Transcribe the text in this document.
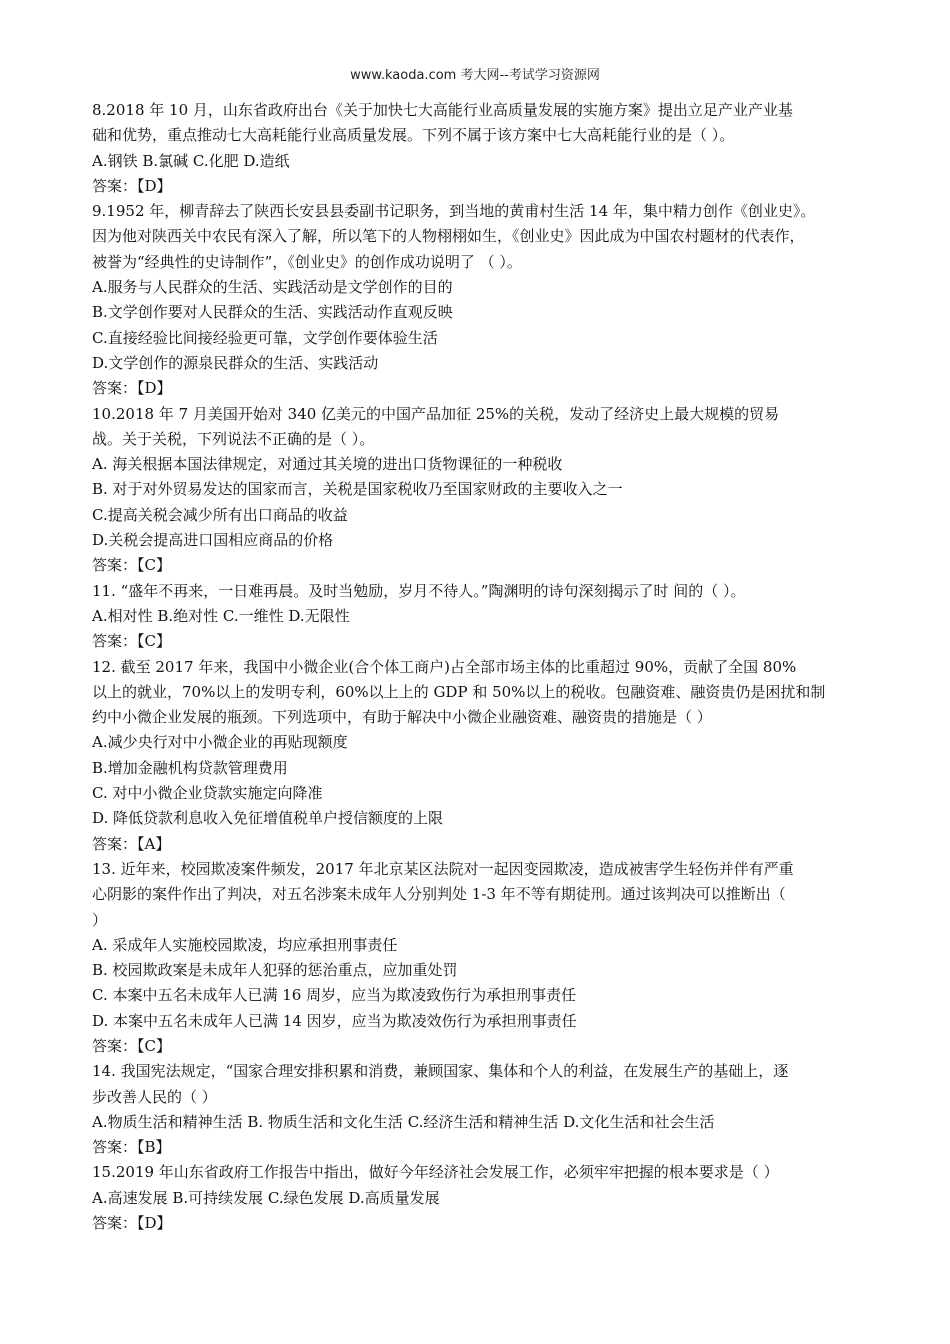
www.kaoda.com 考大网--考试学习资源网
8.2018 年 10 月，山东省政府出台《关于加快七大高能行业高质量发展的实施方案》提出立足产业产业基
础和优势，重点推动七大高耗能行业高质量发展。下列不属于该方案中七大高耗能行业的是（ ）。
A.钢铁 B.氯碱 C.化肥 D.造纸
答案：【D】
9.1952 年，柳青辞去了陕西长安县县委副书记职务，到当地的黄甫村生活 14 年，集中精力创作《创业史》。
因为他对陕西关中农民有深入了解，所以笔下的人物栩栩如生，《创业史》因此成为中国农村题材的代表作，
被誉为“经典性的史诗制作”，《创业史》的创作成功说明了 （ ）。
A.服务与人民群众的生活、实践活动是文学创作的目的
B.文学创作要对人民群众的生活、实践活动作直观反映
C.直接经验比间接经验更可靠，文学创作要体验生活
D.文学创作的源泉民群众的生活、实践活动
答案：【D】
10.2018 年 7 月美国开始对 340 亿美元的中国产品加征 25%的关税，发动了经济史上最大规模的贸易
战。关于关税，下列说法不正确的是（ ）。
A. 海关根据本国法律规定，对通过其关境的进出口货物课征的一种税收
B. 对于对外贸易发达的国家而言，关税是国家税收乃至国家财政的主要收入之一
C.提高关税会减少所有出口商品的收益
D.关税会提高进口国相应商品的价格
答案：【C】
11. “盛年不再来，一日难再晨。及时当勉励，岁月不待人。”陶渊明的诗句深刻揭示了时 间的（ ）。
A.相对性 B.绝对性 C.一维性 D.无限性
答案：【C】
12. 截至 2017 年来，我国中小微企业(合个体工商户)占全部市场主体的比重超过 90%，贡献了全国 80%
以上的就业，70%以上的发明专利，60%以上上的 GDP 和 50%以上的税收。包融资难、融资贵仍是困扰和制
约中小微企业发展的瓶颈。下列选项中，有助于解决中小微企业融资难、融资贵的措施是（ ）
A.减少央行对中小微企业的再贴现额度
B.增加金融机构贷款管理费用
C. 对中小微企业贷款实施定向降准
D. 降低贷款利息收入免征增值税单户授信额度的上限
答案：【A】
13. 近年来，校园欺凌案件频发，2017 年北京某区法院对一起因变园欺凌，造成被害学生轻伤并伴有严重
心阴影的案件作出了判决，对五名涉案未成年人分别判处 1-3 年不等有期徒刑。通过该判决可以推断出（
）
A. 采成年人实施校园欺凌，均应承担刑事责任
B. 校园欺政案是未成年人犯驿的惩治重点，应加重处罚
C. 本案中五名未成年人已满 16 周岁，应当为欺凌致伤行为承担刑事责任
D. 本案中五名未成年人已满 14 因岁，应当为欺凌效伤行为承担刑事责任
答案：【C】
14. 我国宪法规定，“国家合理安排积累和消费，兼顾国家、集体和个人的利益，在发展生产的基础上，逐
步改善人民的（ ）
A.物质生活和精神生活 B. 物质生活和文化生活 C.经济生活和精神生活 D.文化生活和社会生活
答案：【B】
15.2019 年山东省政府工作报告中指出，做好今年经济社会发展工作，必须牢牢把握的根本要求是（ ）
A.高速发展 B.可持续发展 C.绿色发展 D.高质量发展
答案：【D】
